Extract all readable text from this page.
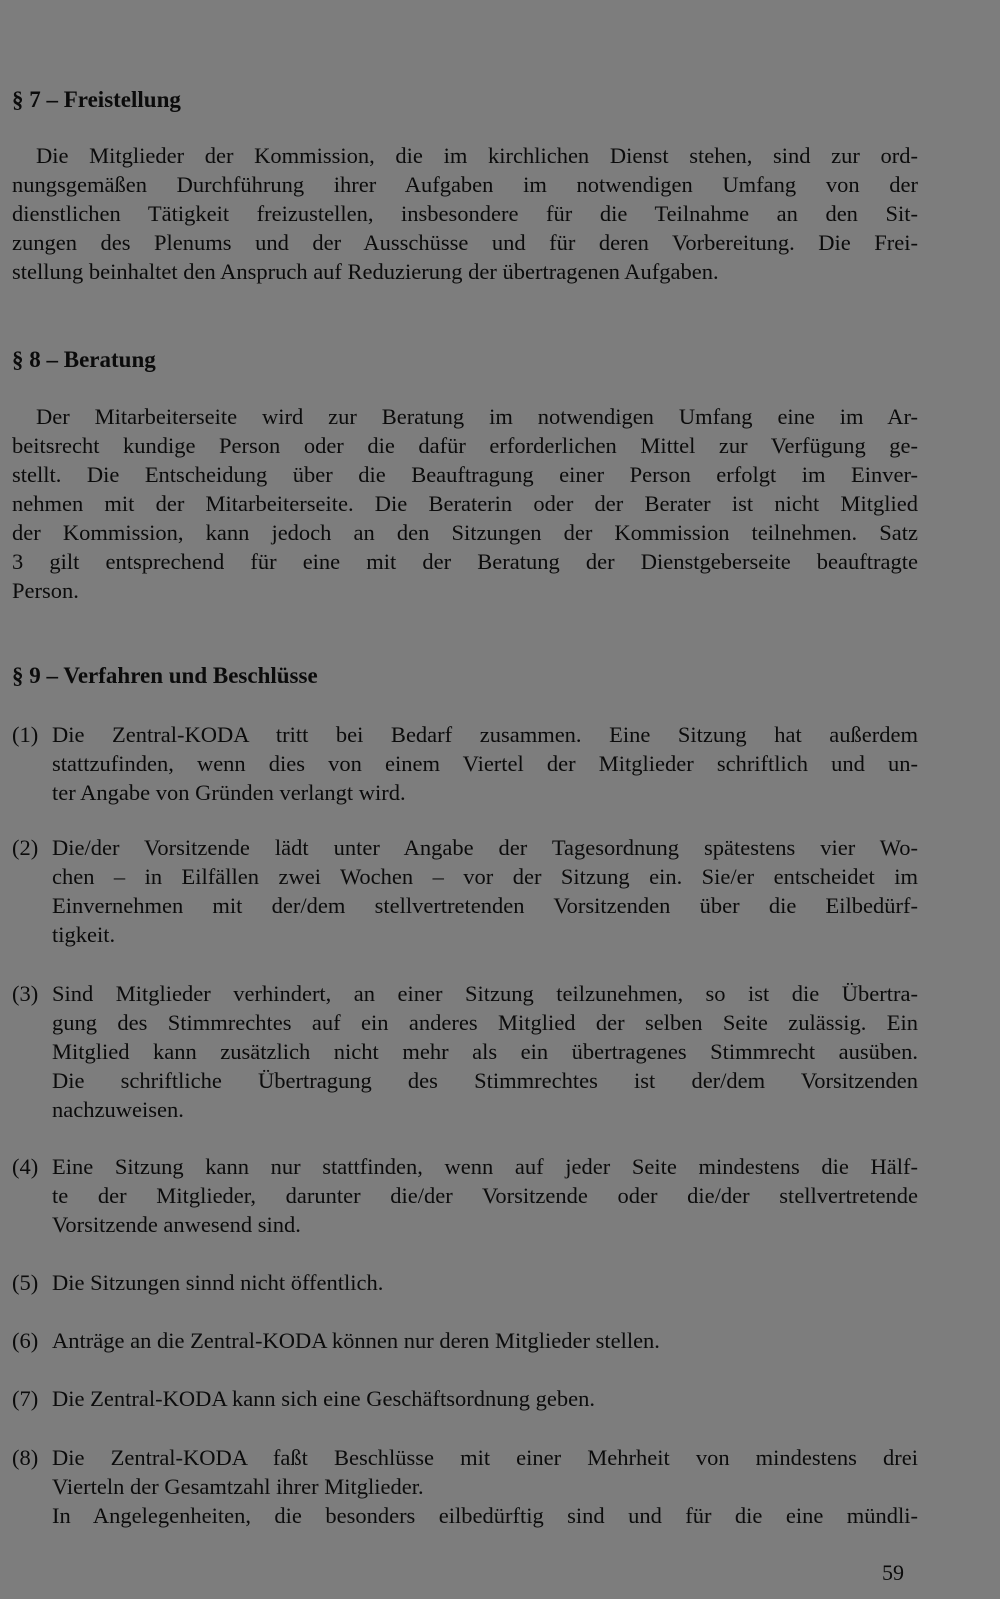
§ 7 – Freistellung
Die Mitglieder der Kommission, die im kirchlichen Dienst stehen, sind zur ord-
nungsgemäßen Durchführung ihrer Aufgaben im notwendigen Umfang von der
dienstlichen Tätigkeit freizustellen, insbesondere für die Teilnahme an den Sit-
zungen des Plenums und der Ausschüsse und für deren Vorbereitung. Die Frei-
stellung beinhaltet den Anspruch auf Reduzierung der übertragenen Aufgaben.
§ 8 – Beratung
Der Mitarbeiterseite wird zur Beratung im notwendigen Umfang eine im Ar-
beitsrecht kundige Person oder die dafür erforderlichen Mittel zur Verfügung ge-
stellt. Die Entscheidung über die Beauftragung einer Person erfolgt im Einver-
nehmen mit der Mitarbeiterseite. Die Beraterin oder der Berater ist nicht Mitglied
der Kommission, kann jedoch an den Sitzungen der Kommission teilnehmen. Satz
3 gilt entsprechend für eine mit der Beratung der Dienstgeberseite beauftragte
Person.
§ 9 – Verfahren und Beschlüsse
(1) Die Zentral-KODA tritt bei Bedarf zusammen. Eine Sitzung hat außerdem
stattzufinden, wenn dies von einem Viertel der Mitglieder schriftlich und un-
ter Angabe von Gründen verlangt wird.
(2) Die/der Vorsitzende lädt unter Angabe der Tagesordnung spätestens vier Wo-
chen – in Eilfällen zwei Wochen – vor der Sitzung ein. Sie/er entscheidet im
Einvernehmen mit der/dem stellvertretenden Vorsitzenden über die Eilbedürf-
tigkeit.
(3) Sind Mitglieder verhindert, an einer Sitzung teilzunehmen, so ist die Übertra-
gung des Stimmrechtes auf ein anderes Mitglied der selben Seite zulässig. Ein
Mitglied kann zusätzlich nicht mehr als ein übertragenes Stimmrecht ausüben.
Die schriftliche Übertragung des Stimmrechtes ist der/dem Vorsitzenden
nachzuweisen.
(4) Eine Sitzung kann nur stattfinden, wenn auf jeder Seite mindestens die Hälf-
te der Mitglieder, darunter die/der Vorsitzende oder die/der stellvertretende
Vorsitzende anwesend sind.
(5) Die Sitzungen sinnd nicht öffentlich.
(6) Anträge an die Zentral-KODA können nur deren Mitglieder stellen.
(7) Die Zentral-KODA kann sich eine Geschäftsordnung geben.
(8) Die Zentral-KODA faßt Beschlüsse mit einer Mehrheit von mindestens drei
Vierteln der Gesamtzahl ihrer Mitglieder.
In Angelegenheiten, die besonders eilbedürftig sind und für die eine mündli-
59
